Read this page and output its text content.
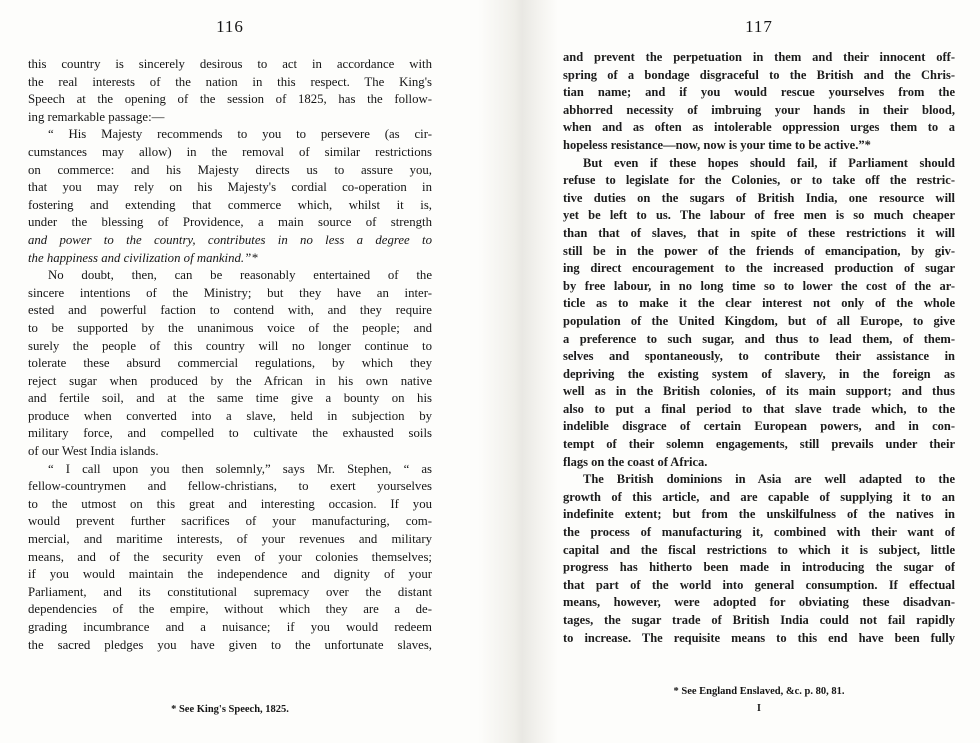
116
this country is sincerely desirous to act in accordance with
the real interests of the nation in this respect. The King's
Speech at the opening of the session of 1825, has the follow-
ing remarkable passage:—
“ His Majesty recommends to you to persevere (as cir-
cumstances may allow) in the removal of similar restrictions
on commerce: and his Majesty directs us to assure you,
that you may rely on his Majesty's cordial co-operation in
fostering and extending that commerce which, whilst it is,
under the blessing of Providence, a main source of strength
and power to the country, contributes in no less a degree to
the happiness and civilization of mankind.”*
No doubt, then, can be reasonably entertained of the
sincere intentions of the Ministry; but they have an inter-
ested and powerful faction to contend with, and they require
to be supported by the unanimous voice of the people; and
surely the people of this country will no longer continue to
tolerate these absurd commercial regulations, by which they
reject sugar when produced by the African in his own native
and fertile soil, and at the same time give a bounty on his
produce when converted into a slave, held in subjection by
military force, and compelled to cultivate the exhausted soils
of our West India islands.
“ I call upon you then solemnly,” says Mr. Stephen, “ as
fellow-countrymen and fellow-christians, to exert yourselves
to the utmost on this great and interesting occasion. If you
would prevent further sacrifices of your manufacturing, com-
mercial, and maritime interests, of your revenues and military
means, and of the security even of your colonies themselves;
if you would maintain the independence and dignity of your
Parliament, and its constitutional supremacy over the distant
dependencies of the empire, without which they are a de-
grading incumbrance and a nuisance; if you would redeem
the sacred pledges you have given to the unfortunate slaves,
* See King's Speech, 1825.
117
and prevent the perpetuation in them and their innocent off-
spring of a bondage disgraceful to the British and the Chris-
tian name; and if you would rescue yourselves from the
abhorred necessity of imbruing your hands in their blood,
when and as often as intolerable oppression urges them to a
hopeless resistance—now, now is your time to be active.”*
But even if these hopes should fail, if Parliament should
refuse to legislate for the Colonies, or to take off the restric-
tive duties on the sugars of British India, one resource will
yet be left to us. The labour of free men is so much cheaper
than that of slaves, that in spite of these restrictions it will
still be in the power of the friends of emancipation, by giv-
ing direct encouragement to the increased production of sugar
by free labour, in no long time so to lower the cost of the ar-
ticle as to make it the clear interest not only of the whole
population of the United Kingdom, but of all Europe, to give
a preference to such sugar, and thus to lead them, of them-
selves and spontaneously, to contribute their assistance in
depriving the existing system of slavery, in the foreign as
well as in the British colonies, of its main support; and thus
also to put a final period to that slave trade which, to the
indelible disgrace of certain European powers, and in con-
tempt of their solemn engagements, still prevails under their
flags on the coast of Africa.
The British dominions in Asia are well adapted to the
growth of this article, and are capable of supplying it to an
indefinite extent; but from the unskilfulness of the natives in
the process of manufacturing it, combined with their want of
capital and the fiscal restrictions to which it is subject, little
progress has hitherto been made in introducing the sugar of
that part of the world into general consumption. If effectual
means, however, were adopted for obviating these disadvan-
tages, the sugar trade of British India could not fail rapidly
to increase. The requisite means to this end have been fully
* See England Enslaved, &c. p. 80, 81.
I
